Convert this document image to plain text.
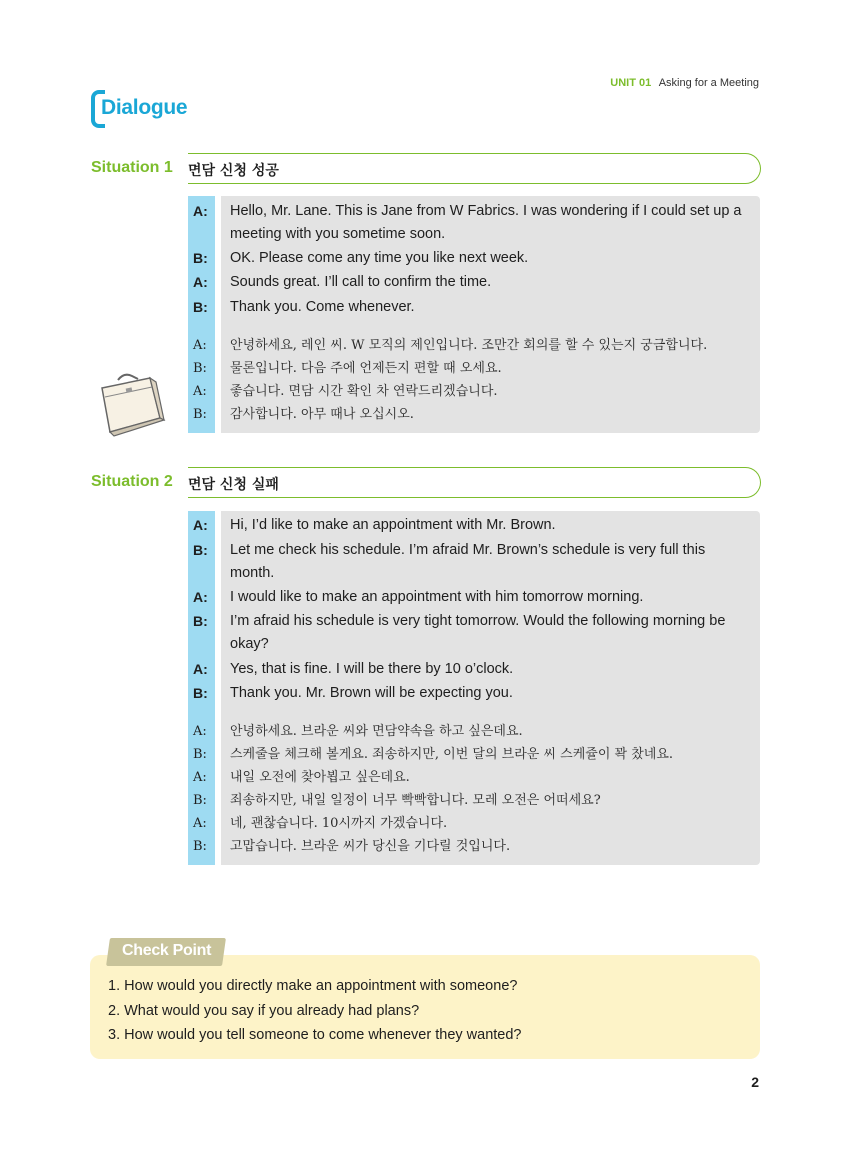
UNIT 01 Asking for a Meeting
Dialogue
Situation 1 면담 신청 성공
A:	Hello, Mr. Lane. This is Jane from W Fabrics. I was wondering if I could set up a meeting with you sometime soon.
B:	OK. Please come any time you like next week.
A:	Sounds great. I’ll call to confirm the time.
B:	Thank you. Come whenever.
A:	안녕하세요, 레인 씨. W 모직의 제인입니다. 조만간 회의를 할 수 있는지 궁금합니다.
B:	물론입니다. 다음 주에 언제든지 편할 때 오세요.
A:	좋습니다. 면담 시간 확인 차 연락드리겠습니다.
B:	감사합니다. 아무 때나 오십시오.
Situation 2 면담 신청 실패
A:	Hi, I’d like to make an appointment with Mr. Brown.
B:	Let me check his schedule. I’m afraid Mr. Brown’s schedule is very full this month.
A:	I would like to make an appointment with him tomorrow morning.
B:	I’m afraid his schedule is very tight tomorrow. Would the following morning be okay?
A:	Yes, that is fine. I will be there by 10 o’clock.
B:	Thank you. Mr. Brown will be expecting you.
A:	안녕하세요. 브라운 씨와 면담약속을 하고 싶은데요.
B:	스케줄을 체크해 볼게요. 죄송하지만, 이번 달의 브라운 씨 스케쥴이 꽉 찼네요.
A:	내일 오전에 찾아뵙고 싶은데요.
B:	죄송하지만, 내일 일정이 너무 빡빡합니다. 모레 오전은 어떠세요?
A:	네, 괜찮습니다. 10시까지 가겠습니다.
B:	고맙습니다. 브라운 씨가 당신을 기다릴 것입니다.
Check Point
1. How would you directly make an appointment with someone?
2. What would you say if you already had plans?
3. How would you tell someone to come whenever they wanted?
2
